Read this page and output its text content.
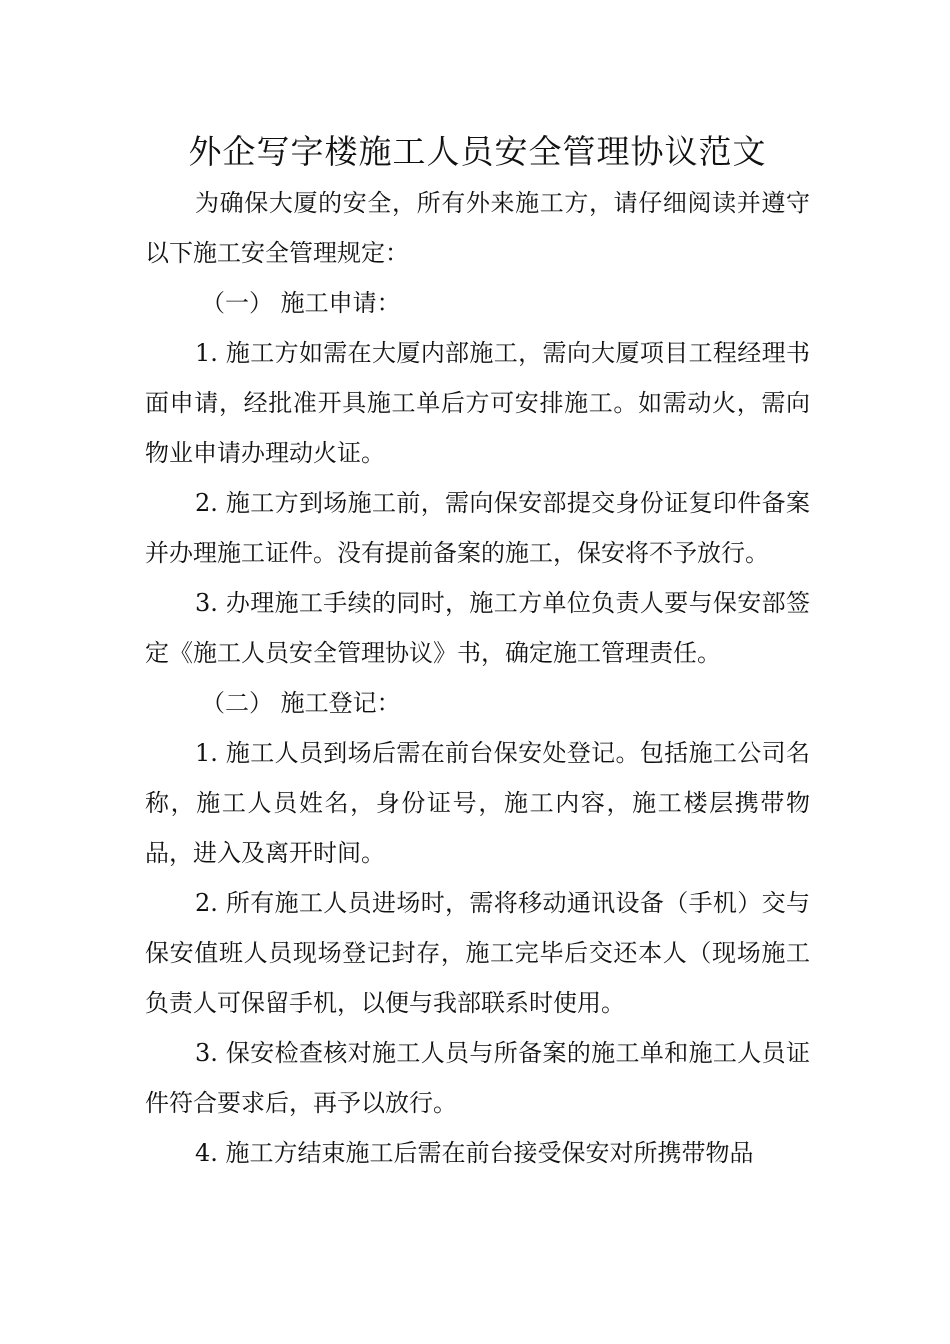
外企写字楼施工人员安全管理协议范文

为确保大厦的安全，所有外来施工方，请仔细阅读并遵守以下施工安全管理规定：

（一） 施工申请：

1. 施工方如需在大厦内部施工，需向大厦项目工程经理书面申请，经批准开具施工单后方可安排施工。如需动火，需向物业申请办理动火证。

2. 施工方到场施工前，需向保安部提交身份证复印件备案并办理施工证件。没有提前备案的施工，保安将不予放行。

3. 办理施工手续的同时，施工方单位负责人要与保安部签定《施工人员安全管理协议》书，确定施工管理责任。

（二） 施工登记：

1. 施工人员到场后需在前台保安处登记。包括施工公司名称，施工人员姓名，身份证号，施工内容，施工楼层携带物品，进入及离开时间。

2. 所有施工人员进场时，需将移动通讯设备（手机）交与保安值班人员现场登记封存，施工完毕后交还本人（现场施工负责人可保留手机，以便与我部联系时使用。

3. 保安检查核对施工人员与所备案的施工单和施工人员证件符合要求后，再予以放行。

4. 施工方结束施工后需在前台接受保安对所携带物品
